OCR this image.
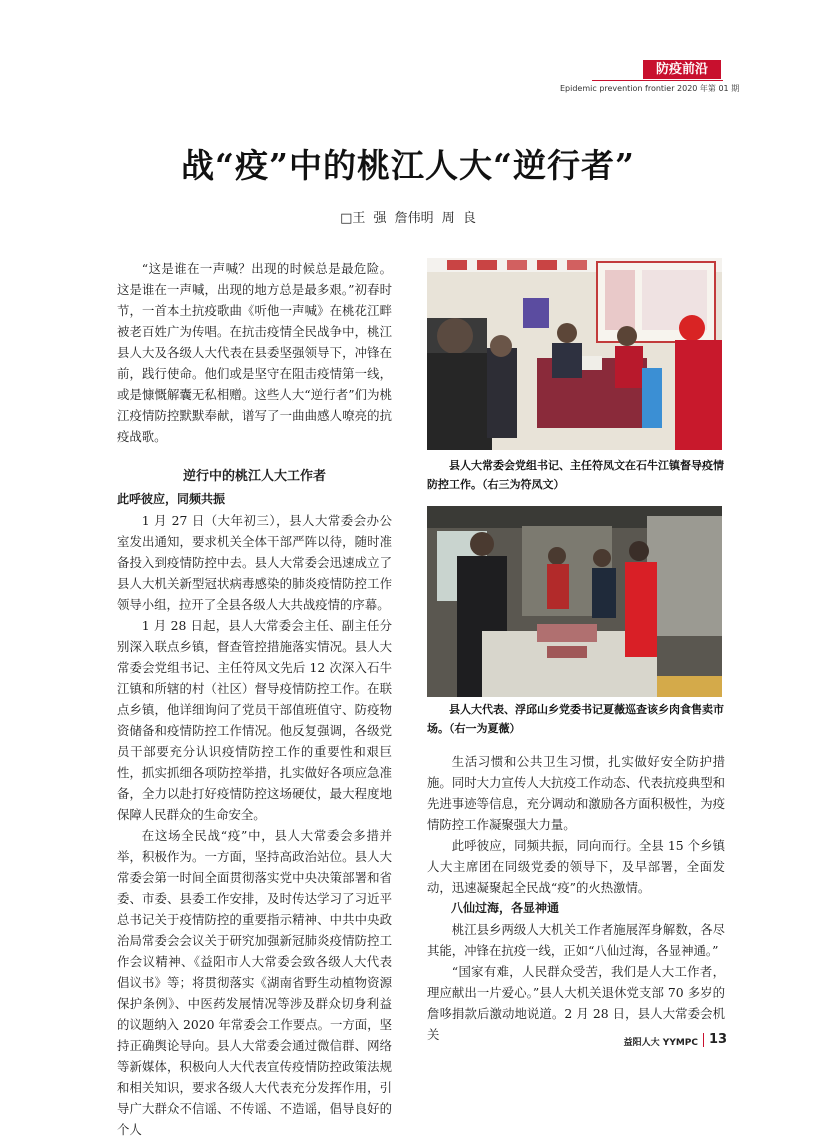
防疫前沿
Epidemic prevention frontier 2020 年第 01 期
战“疫”中的桃江人大“逆行者”
□王 强 詹伟明 周 良

“这是谁在一声喊？出现的时候总是最危险。这是谁在一声喊，出现的地方总是最多艰。”初春时节，一首本土抗疫歌曲《听他一声喊》在桃花江畔被老百姓广为传唱。在抗击疫情全民战争中，桃江县人大及各级人大代表在县委坚强领导下，冲锋在前，践行使命。他们或是坚守在阻击疫情第一线，或是慷慨解囊无私相赠。这些人大“逆行者”们为桃江疫情防控默默奉献，谱写了一曲曲感人嘹亮的抗疫战歌。

逆行中的桃江人大工作者

此呼彼应，同频共振

1 月 27 日（大年初三），县人大常委会办公室发出通知，要求机关全体干部严阵以待，随时准备投入到疫情防控中去。县人大常委会迅速成立了县人大机关新型冠状病毒感染的肺炎疫情防控工作领导小组，拉开了全县各级人大共战疫情的序幕。

1 月 28 日起，县人大常委会主任、副主任分别深入联点乡镇，督查管控措施落实情况。县人大常委会党组书记、主任符凤文先后 12 次深入石牛江镇和所辖的村（社区）督导疫情防控工作。在联点乡镇，他详细询问了党员干部值班值守、防疫物资储备和疫情防控工作情况。他反复强调，各级党员干部要充分认识疫情防控工作的重要性和艰巨性，抓实抓细各项防控举措，扎实做好各项应急准备，全力以赴打好疫情防控这场硬仗，最大程度地保障人民群众的生命安全。

在这场全民战“疫”中，县人大常委会多措并举，积极作为。一方面，坚持高政治站位。县人大常委会第一时间全面贯彻落实党中央决策部署和省委、市委、县委工作安排，及时传达学习了习近平总书记关于疫情防控的重要指示精神、中共中央政治局常委会会议关于研究加强新冠肺炎疫情防控工作会议精神、《益阳市人大常委会致各级人大代表倡议书》等；将贯彻落实《湖南省野生动植物资源保护条例》、中医药发展情况等涉及群众切身利益的议题纳入 2020 年常委会工作要点。一方面，坚持正确舆论导向。县人大常委会通过微信群、网络等新媒体，积极向人大代表宣传疫情防控政策法规和相关知识，要求各级人大代表充分发挥作用，引导广大群众不信谣、不传谣、不造谣，倡导良好的个人

县人大常委会党组书记、主任符凤文在石牛江镇督导疫情防控工作。（右三为符凤文）
县人大代表、浮邱山乡党委书记夏薇巡查该乡肉食售卖市场。（右一为夏薇）

生活习惯和公共卫生习惯，扎实做好安全防护措施。同时大力宣传人大抗疫工作动态、代表抗疫典型和先进事迹等信息，充分调动和激励各方面积极性，为疫情防控工作凝聚强大力量。

此呼彼应，同频共振，同向而行。全县 15 个乡镇人大主席团在同级党委的领导下，及早部署，全面发动，迅速凝聚起全民战“疫”的火热激情。

八仙过海，各显神通

桃江县乡两级人大机关工作者施展浑身解数，各尽其能，冲锋在抗疫一线，正如“八仙过海，各显神通。”

“国家有难，人民群众受苦，我们是人大工作者，理应献出一片爱心。”县人大机关退休党支部 70 多岁的詹哆捐款后激动地说道。2 月 28 日，县人大常委会机关

益阳人大 YYMPC 13
